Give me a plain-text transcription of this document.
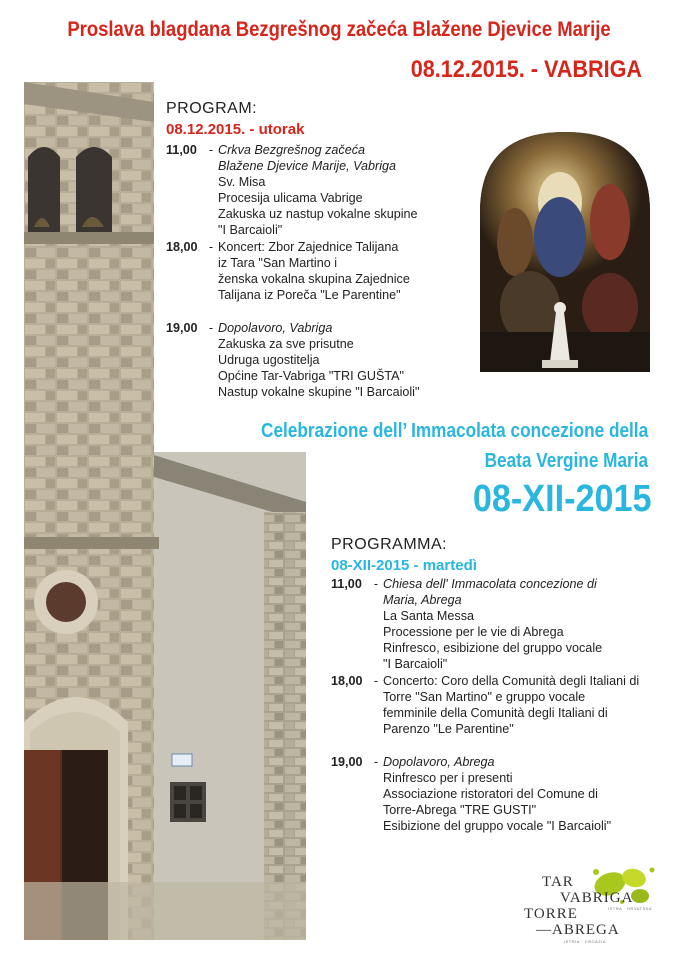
Proslava blagdana Bezgrešnog začeća Blažene Djevice Marije
08.12.2015. - VABRIGA
PROGRAM:
08.12.2015. - utorak
11,00 - Crkva Bezgrešnog začeća
Blažene Djevice Marije, Vabriga
Sv. Misa
Procesija ulicama Vabrige
Zakuska uz nastup vokalne skupine
"I Barcaioli"
18,00 - Koncert: Zbor Zajednice Talijana
iz Tara "San Martino i
ženska vokalna skupina Zajednice
Talijana iz Poreča "Le Parentine"
19,00 - Dopolavoro, Vabriga
Zakuska za sve prisutne
Udruga ugostitelja
Općine Tar-Vabriga "TRI GUŠTA"
Nastup vokalne skupine "I Barcaioli"
Celebrazione dell’ Immacolata concezione della
Beata Vergine Maria
08-XII-2015
PROGRAMMA:
08-XII-2015 - martedì
11,00 - Chiesa dell' Immacolata concezione di
Maria, Abrega
La Santa Messa
Processione per le vie di Abrega
Rinfresco, esibizione del gruppo vocale
"I Barcaioli"
18,00 - Concerto: Coro della Comunità degli Italiani di
Torre "San Martino" e gruppo vocale
femminile della Comunità degli Italiani di
Parenzo "Le Parentine"
19,00 - Dopolavoro, Abrega
Rinfresco per i presenti
Associazione ristoratori del Comune di
Torre-Abrega "TRE GUSTI"
Esibizione del gruppo vocale "I Barcaioli"
TAR
VABRIGA
ISTRA · HRVATSKA
TORRE
—ABREGA
ISTRIA · CROAZIA
